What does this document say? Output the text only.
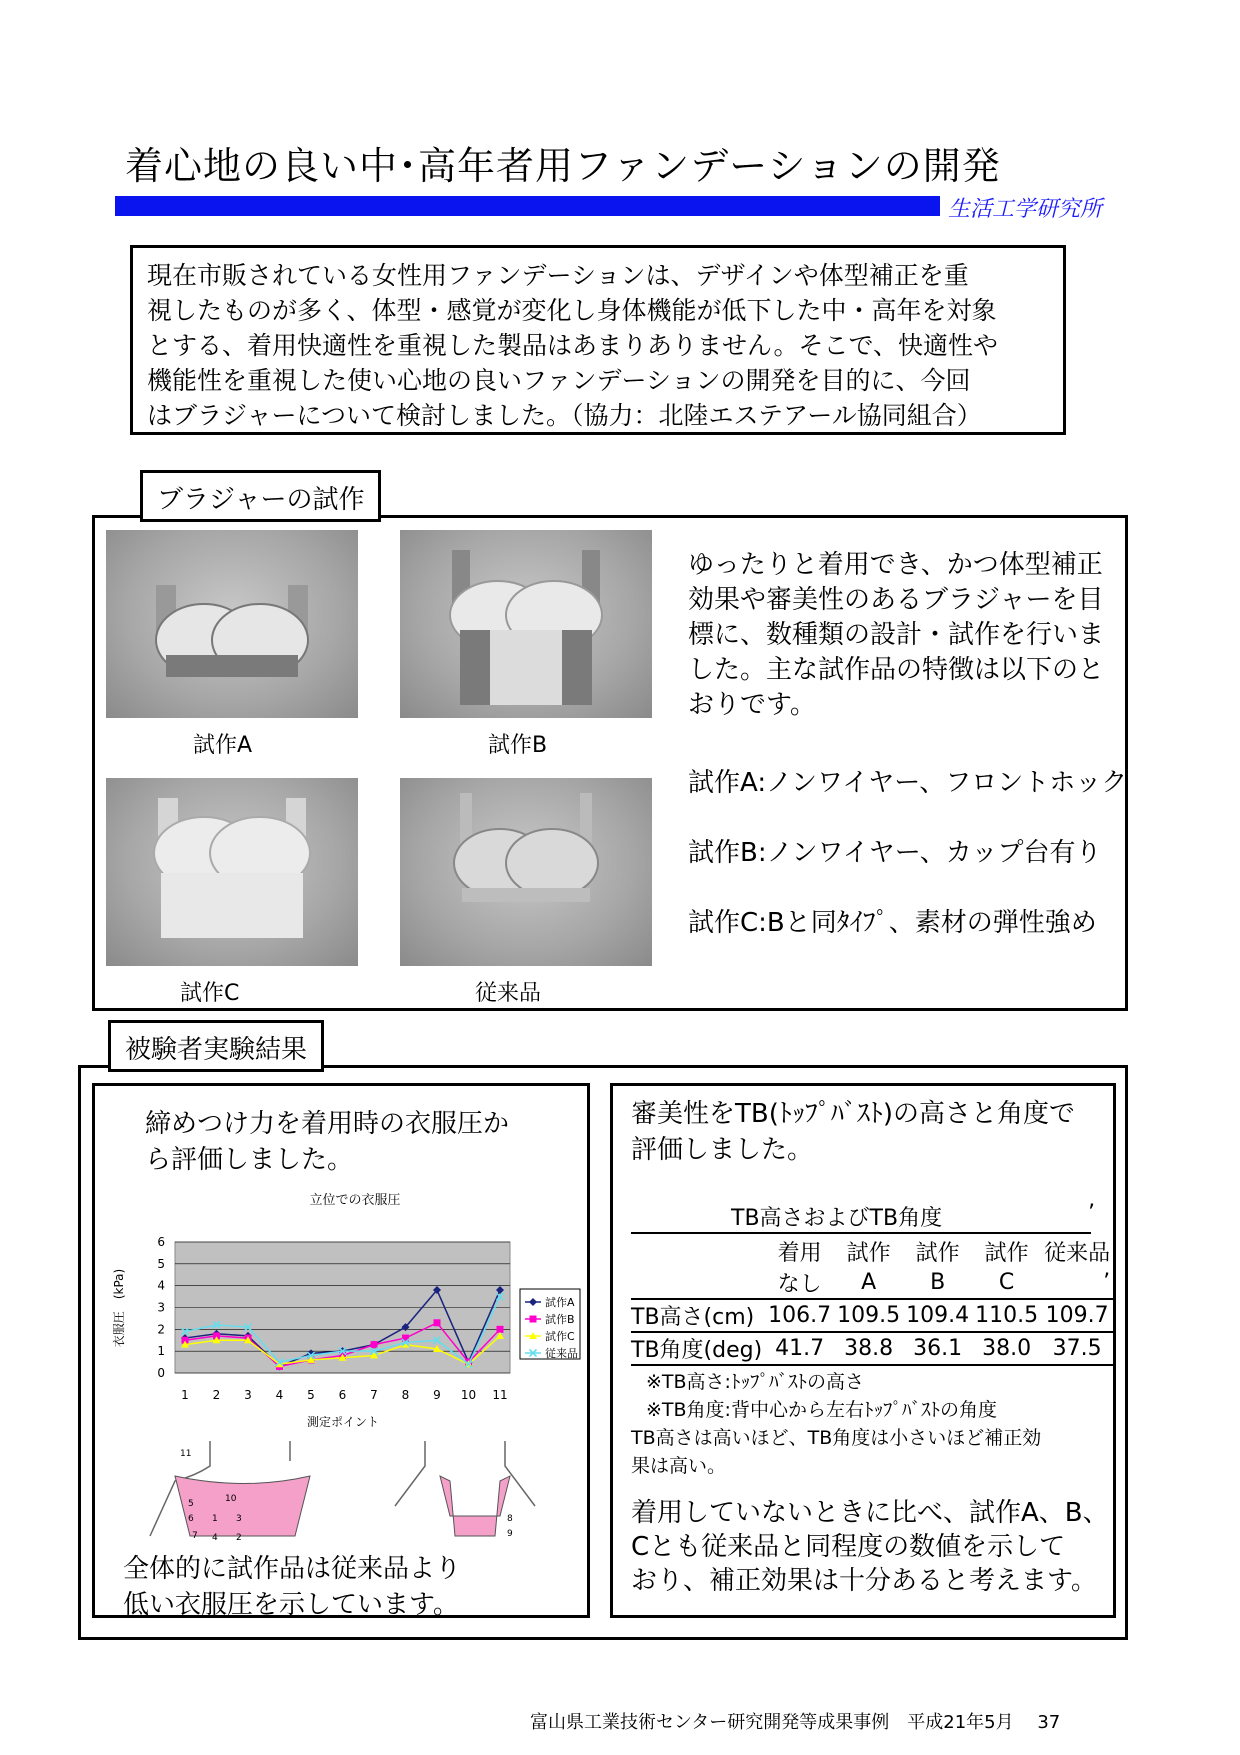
着心地の良い中･高年者用ファンデーションの開発
生活工学研究所
現在市販されている女性用ファンデーションは、デザインや体型補正を重
視したものが多く、体型・感覚が変化し身体機能が低下した中・高年を対象
とする、着用快適性を重視した製品はあまりありません。そこで、快適性や
機能性を重視した使い心地の良いファンデーションの開発を目的に、今回
はブラジャーについて検討しました。（協力：北陸エステアール協同組合）
ブラジャーの試作
試作A	試作B
試作C	従来品

ゆったりと着用でき、かつ体型補正

効果や審美性のあるブラジャーを目

標に、数種類の設計・試作を行いま

した。主な試作品の特徴は以下のと

おりです。

試作A:ノンワイヤー、フロントホック
試作B:ノンワイヤー、カップ台有り
試作C:Bと同ﾀｲﾌﾟ、素材の弾性強め
被験者実験結果
締めつけ力を着用時の衣服圧か
ら評価しました。
立位での衣服圧
0
1
2
3
4
5
6
1 2 3 4 5 6 7 8 9 10 11
衣服圧　(kPa)
測定ポイント
試作A
試作B
試作C
従来品
11
10
5
6
7
1
4 2
3	8
9
全体的に試作品は従来品より
低い衣服圧を示しています。
審美性をTB(ﾄｯﾌﾟﾊﾞｽﾄ)の高さと角度で
評価しました。
TB高さおよびTB角度	’
	着用	試作	試作	試作	従来品
	なし	A	B	C	’
TB高さ(cm)	106.7	109.5	109.4	110.5	109.7
TB角度(deg)	41.7	38.8	36.1	38.0	37.5
※TB高さ:ﾄｯﾌﾟﾊﾞｽﾄの高さ
※TB角度:背中心から左右ﾄｯﾌﾟﾊﾞｽﾄの角度
TB高さは高いほど、TB角度は小さいほど補正効
果は高い。
着用していないときに比べ、試作A、B、
Cとも従来品と同程度の数値を示して
おり、補正効果は十分あると考えます。
富山県工業技術センター研究開発等成果事例　平成21年5月　 37
